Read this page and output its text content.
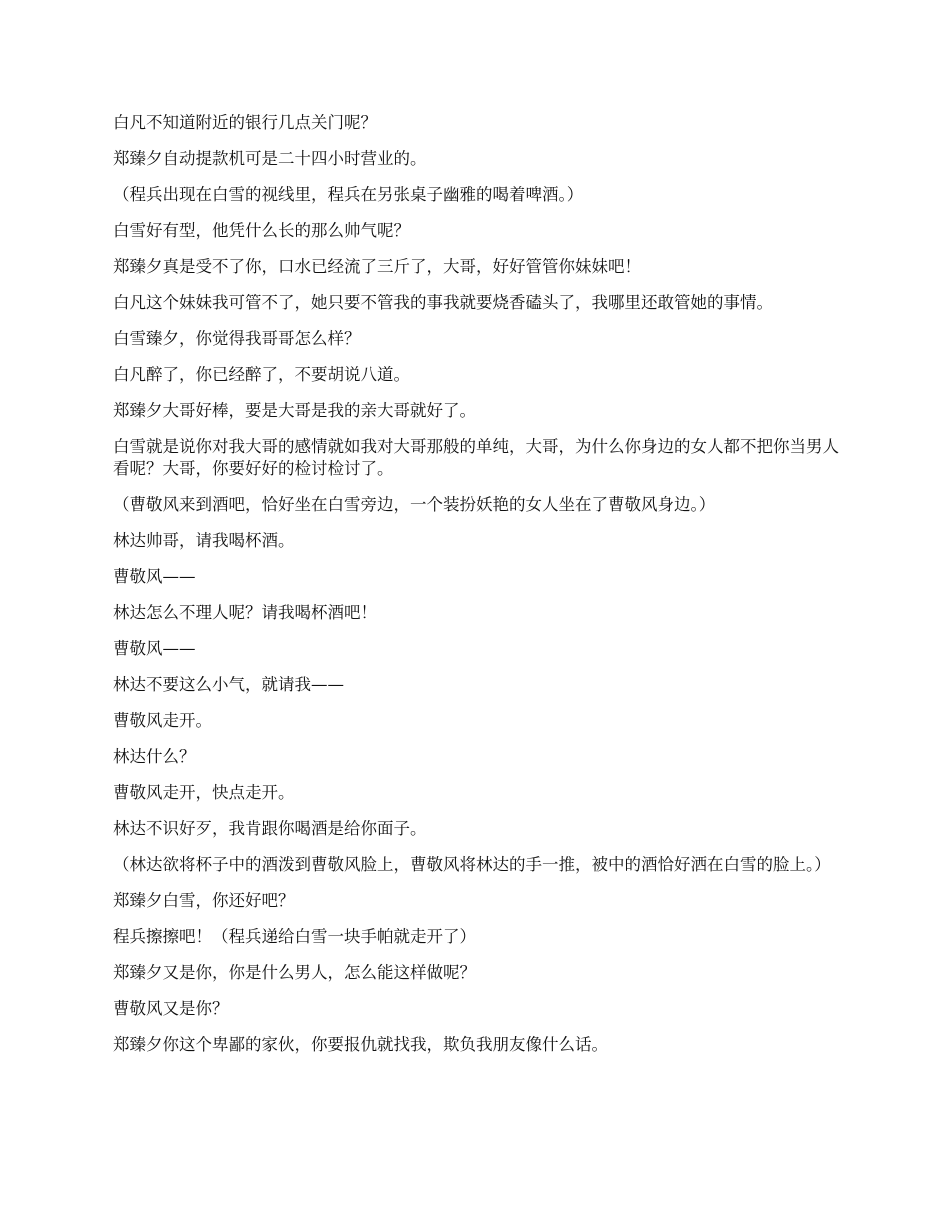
白凡不知道附近的银行几点关门呢？
郑臻夕自动提款机可是二十四小时营业的。
（程兵出现在白雪的视线里，程兵在另张桌子幽雅的喝着啤酒。）
白雪好有型，他凭什么长的那么帅气呢？
郑臻夕真是受不了你，口水已经流了三斤了，大哥，好好管管你妹妹吧！
白凡这个妹妹我可管不了，她只要不管我的事我就要烧香磕头了，我哪里还敢管她的事情。
白雪臻夕，你觉得我哥哥怎么样？
白凡醉了，你已经醉了，不要胡说八道。
郑臻夕大哥好棒，要是大哥是我的亲大哥就好了。
白雪就是说你对我大哥的感情就如我对大哥那般的单纯，大哥，为什么你身边的女人都不把你当男人看呢？大哥，你要好好的检讨检讨了。
（曹敬风来到酒吧，恰好坐在白雪旁边，一个装扮妖艳的女人坐在了曹敬风身边。）
林达帅哥，请我喝杯酒。
曹敬风——
林达怎么不理人呢？请我喝杯酒吧！
曹敬风——
林达不要这么小气，就请我——
曹敬风走开。
林达什么？
曹敬风走开，快点走开。
林达不识好歹，我肯跟你喝酒是给你面子。
（林达欲将杯子中的酒泼到曹敬风脸上，曹敬风将林达的手一推，被中的酒恰好洒在白雪的脸上。）
郑臻夕白雪，你还好吧？
程兵擦擦吧！（程兵递给白雪一块手帕就走开了）
郑臻夕又是你，你是什么男人，怎么能这样做呢？
曹敬风又是你？
郑臻夕你这个卑鄙的家伙，你要报仇就找我，欺负我朋友像什么话。
